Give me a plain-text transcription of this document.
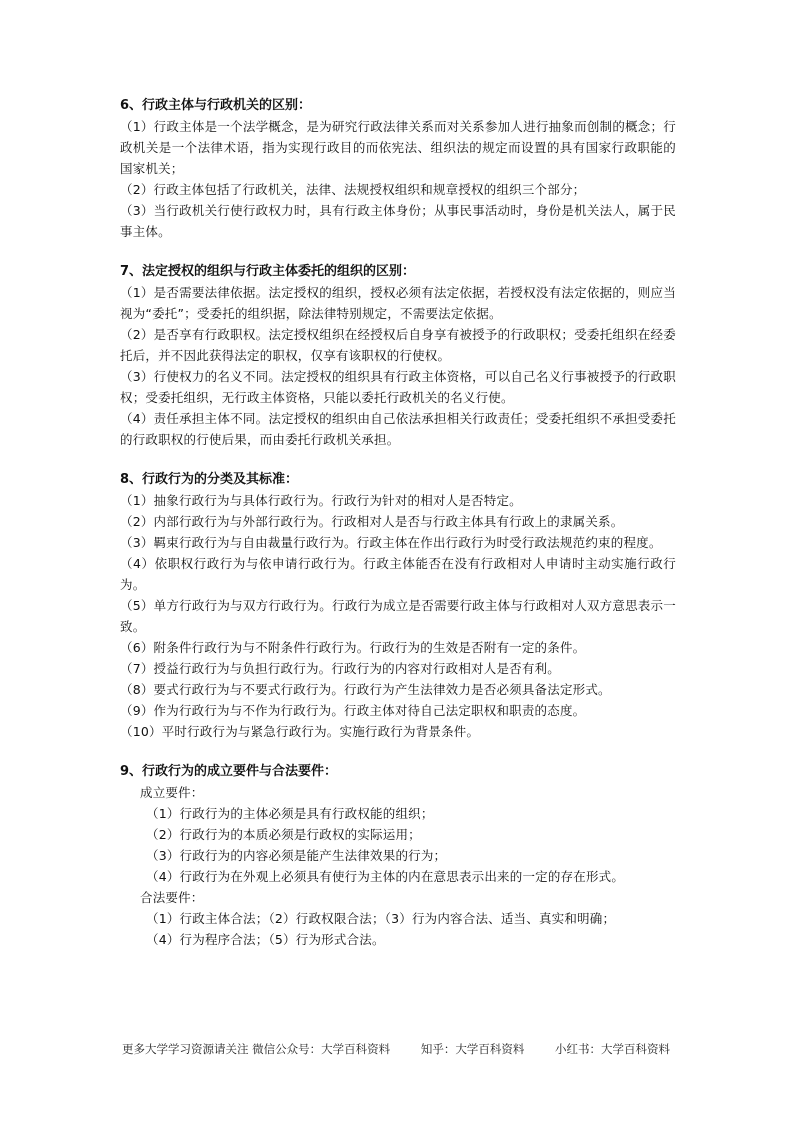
6、行政主体与行政机关的区别：

（1）行政主体是一个法学概念，是为研究行政法律关系而对关系参加人进行抽象而创制的概念；行政机关是一个法律术语，指为实现行政目的而依宪法、组织法的规定而设置的具有国家行政职能的国家机关；

（2）行政主体包括了行政机关，法律、法规授权组织和规章授权的组织三个部分；

（3）当行政机关行使行政权力时，具有行政主体身份；从事民事活动时，身份是机关法人，属于民事主体。

7、法定授权的组织与行政主体委托的组织的区别：

（1）是否需要法律依据。法定授权的组织，授权必须有法定依据，若授权没有法定依据的，则应当视为“委托”；受委托的组织据，除法律特别规定，不需要法定依据。

（2）是否享有行政职权。法定授权组织在经授权后自身享有被授予的行政职权；受委托组织在经委托后，并不因此获得法定的职权，仅享有该职权的行使权。

（3）行使权力的名义不同。法定授权的组织具有行政主体资格，可以自己名义行事被授予的行政职权；受委托组织，无行政主体资格，只能以委托行政机关的名义行使。

（4）责任承担主体不同。法定授权的组织由自己依法承担相关行政责任；受委托组织不承担受委托的行政职权的行使后果，而由委托行政机关承担。

8、行政行为的分类及其标准：

（1）抽象行政行为与具体行政行为。行政行为针对的相对人是否特定。

（2）内部行政行为与外部行政行为。行政相对人是否与行政主体具有行政上的隶属关系。

（3）羁束行政行为与自由裁量行政行为。行政主体在作出行政行为时受行政法规范约束的程度。

（4）依职权行政行为与依申请行政行为。行政主体能否在没有行政相对人申请时主动实施行政行为。

（5）单方行政行为与双方行政行为。行政行为成立是否需要行政主体与行政相对人双方意思表示一致。

（6）附条件行政行为与不附条件行政行为。行政行为的生效是否附有一定的条件。

（7）授益行政行为与负担行政行为。行政行为的内容对行政相对人是否有利。

（8）要式行政行为与不要式行政行为。行政行为产生法律效力是否必须具备法定形式。

（9）作为行政行为与不作为行政行为。行政主体对待自己法定职权和职责的态度。

（10）平时行政行为与紧急行政行为。实施行政行为背景条件。

9、行政行为的成立要件与合法要件：

成立要件：

（1）行政行为的主体必须是具有行政权能的组织；

（2）行政行为的本质必须是行政权的实际运用；

（3）行政行为的内容必须是能产生法律效果的行为；

（4）行政行为在外观上必须具有使行为主体的内在意思表示出来的一定的存在形式。

合法要件：

（1）行政主体合法；（2）行政权限合法；（3）行为内容合法、适当、真实和明确；

（4）行为程序合法；（5）行为形式合法。

更多大学学习资源请关注 微信公众号：大学百科资料	知乎：大学百科资料	小红书：大学百科资料
